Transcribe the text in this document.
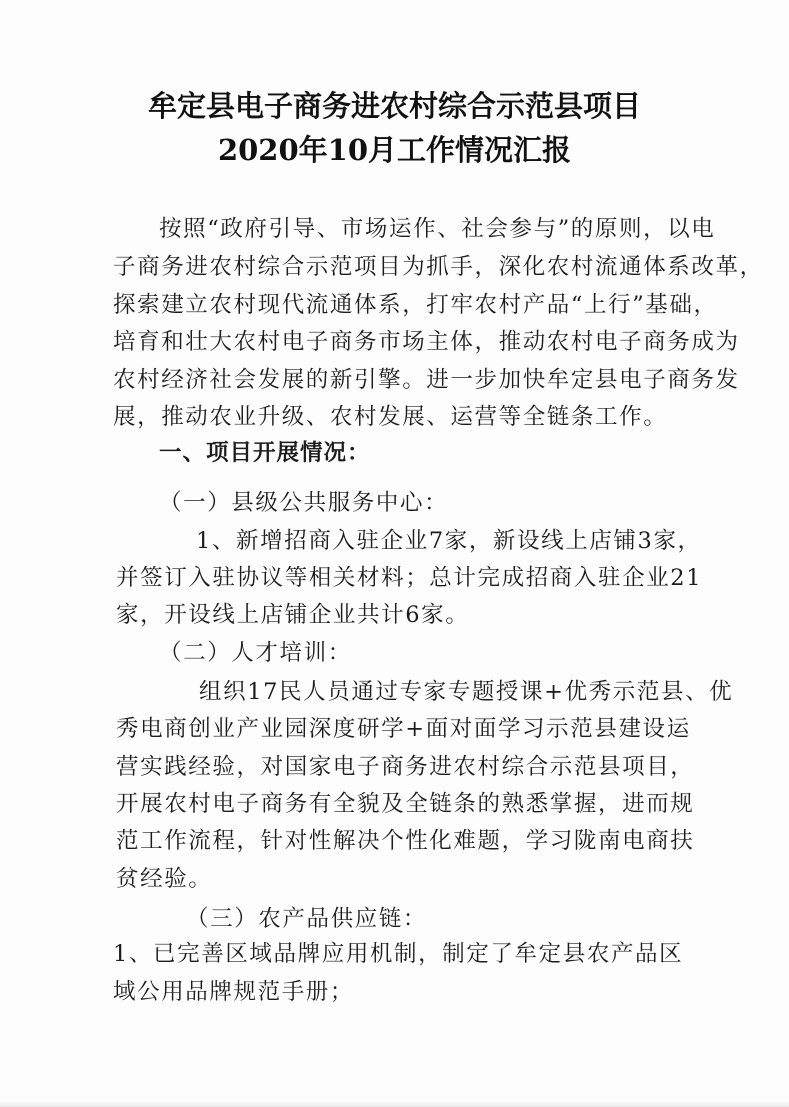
牟定县电子商务进农村综合示范县项目
2020年10月工作情况汇报
按照“政府引导、市场运作、社会参与”的原则，以电
子商务进农村综合示范项目为抓手，深化农村流通体系改革，
探索建立农村现代流通体系，打牢农村产品“上行”基础，
培育和壮大农村电子商务市场主体，推动农村电子商务成为
农村经济社会发展的新引擎。进一步加快牟定县电子商务发
展，推动农业升级、农村发展、运营等全链条工作。
一、项目开展情况：
（一）县级公共服务中心：
1、新增招商入驻企业7家，新设线上店铺3家，
并签订入驻协议等相关材料；总计完成招商入驻企业21
家，开设线上店铺企业共计6家。
（二）人才培训：
组织17民人员通过专家专题授课+优秀示范县、优
秀电商创业产业园深度研学+面对面学习示范县建设运
营实践经验，对国家电子商务进农村综合示范县项目，
开展农村电子商务有全貌及全链条的熟悉掌握，进而规
范工作流程，针对性解决个性化难题，学习陇南电商扶
贫经验。
（三）农产品供应链：
1、已完善区域品牌应用机制，制定了牟定县农产品区
域公用品牌规范手册；
